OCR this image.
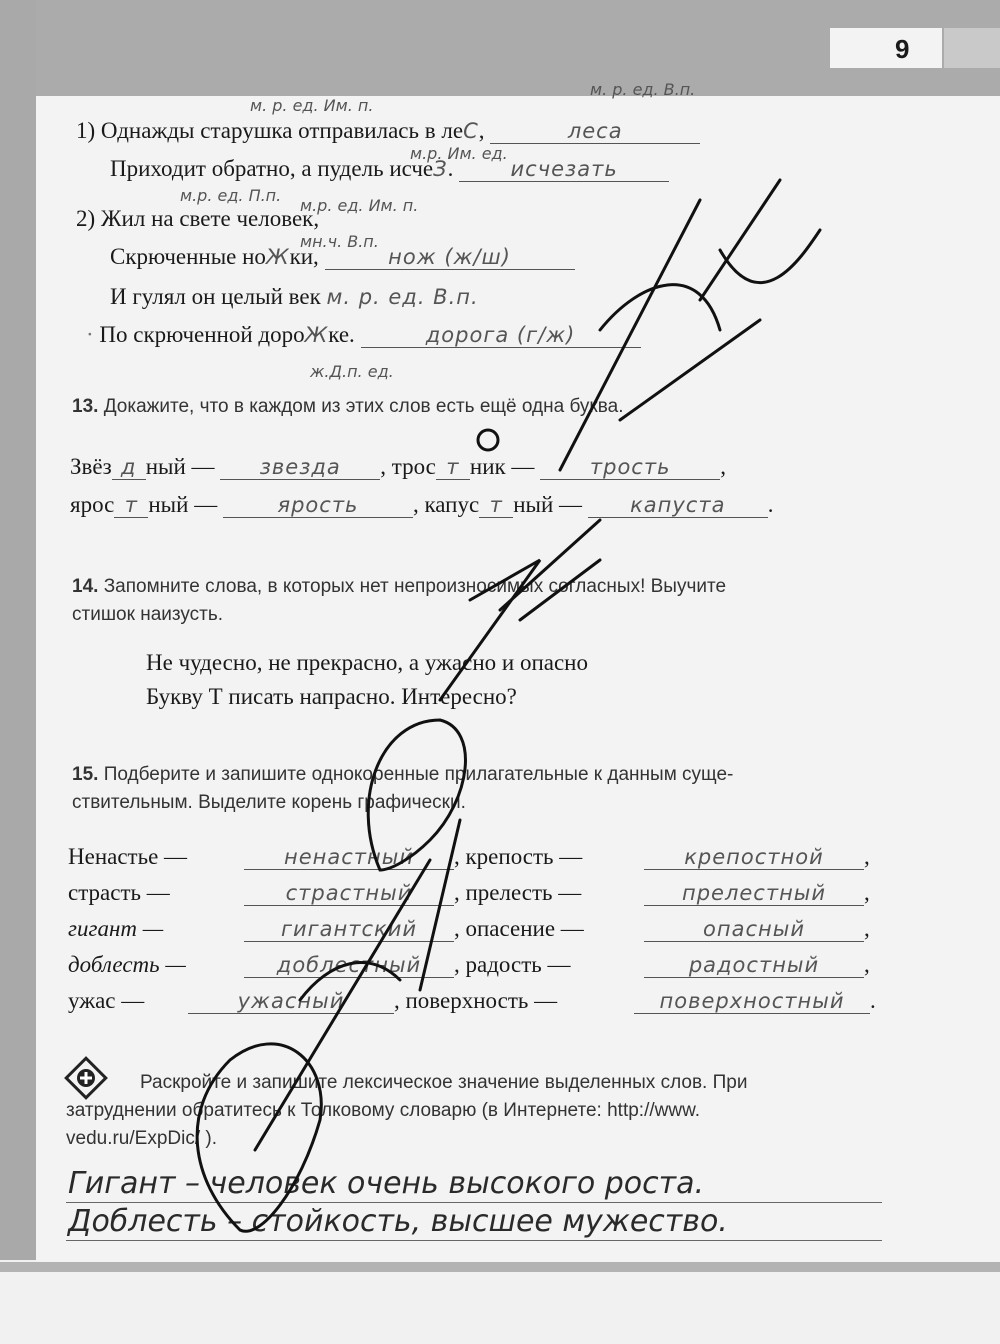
9
м. р. ед. Им. п.
м. р. ед. В.п.
1) Однажды старушка отправилась в леС,	леса
м.р. Им. ед.
Приходит обратно, а пудель исчеЗ.	исчезать
м.р. ед. П.п.
м.р. ед. Им. п.
2) Жил на свете человек,
мн.ч. В.п.
Скрюченные ноЖки,	нож (ж/ш)
И гулял он целый век м. р. ед. В.п.
· По скрюченной дороЖке.	дорога (г/ж)
ж.Д.п. ед.
13. Докажите, что в каждом из этих слов есть ещё одна буква.
Звёз д ный — звезда , трос т ник —	трость ,
ярос т ный —	ярость , капус т ный — капуста .
14. Запомните слова, в которых нет непроизносимых согласных! Выучите
стишок наизусть.
Не чудесно, не прекрасно, а ужасно и опасно
Букву Т писать напрасно. Интересно?
15. Подберите и запишите однокоренные прилагательные к данным суще-
ствительным. Выделите корень графически.
Ненастье —	ненастный , крепость —	крепостной ,
страсть —	страстный , прелесть —	прелестный ,
гигант —	гигантский , опасение —	опасный	,
доблесть —	доблестный , радость —	радостный ,
ужас —	ужасный , поверхность —	поверхностный .
Раскройте и запишите лексическое значение выделенных слов. При
затруднении обратитесь к Толковому словарю (в Интернете: http://www.
vedu.ru/ExpDic/ ).
Гигант – человек очень высокого роста.
Доблесть – стойкость, высшее мужество.
